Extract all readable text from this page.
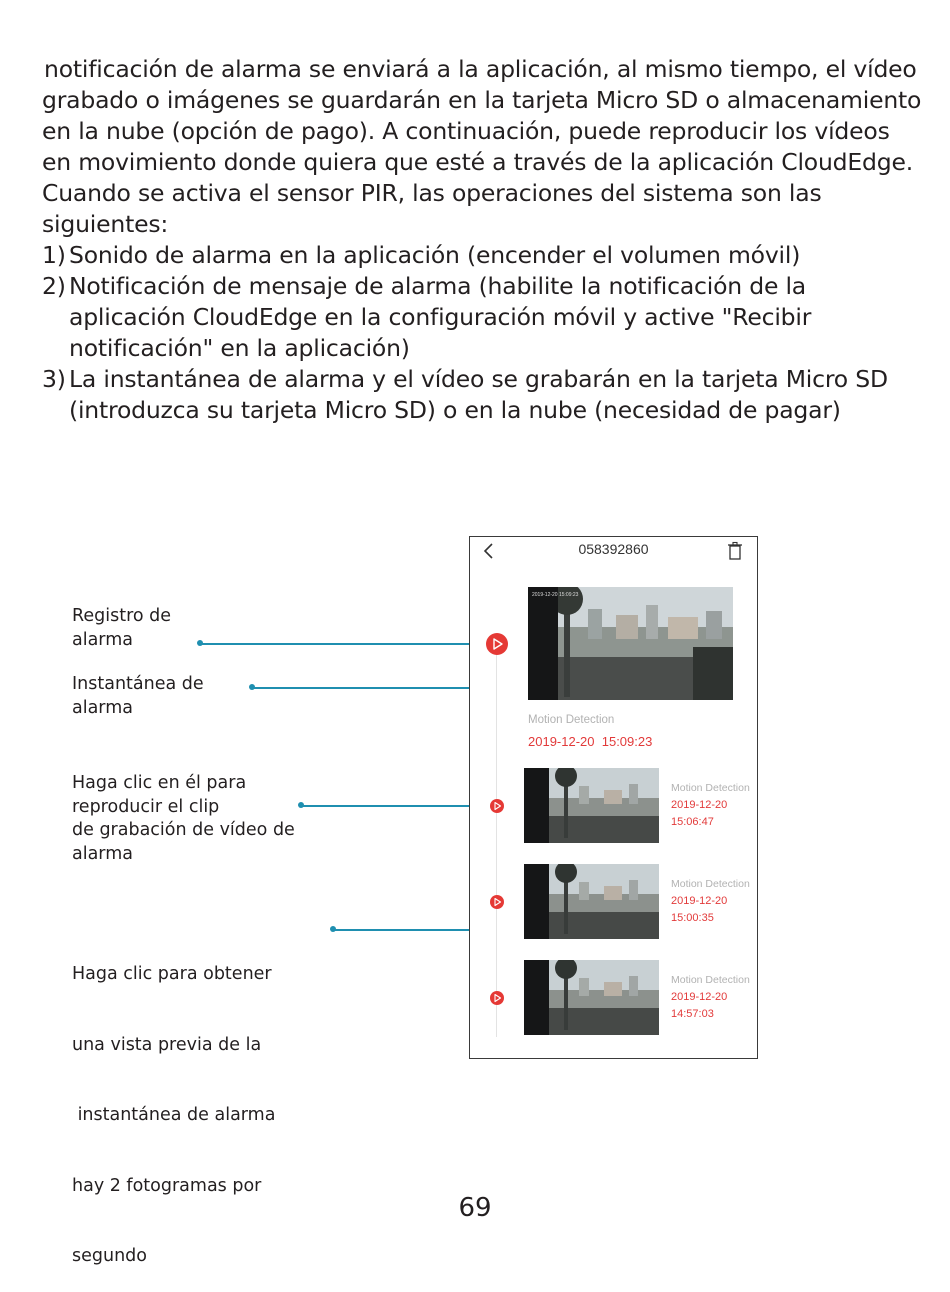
notificación de alarma se enviará a la aplicación, al mismo tiempo, el vídeo grabado o imágenes se guardarán en la tarjeta Micro SD o almacenamiento en la nube (opción de pago). A continuación, puede reproducir los vídeos en movimiento donde quiera que esté a través de la aplicación CloudEdge.

Cuando se activa el sensor PIR, las operaciones del sistema son las siguientes:

1) Sonido de alarma en la aplicación (encender el volumen móvil)
2) Notificación de mensaje de alarma (habilite la notificación de la aplicación CloudEdge en la configuración móvil y active "Recibir notificación" en la aplicación)
3) La instantánea de alarma y el vídeo se grabarán en la tarjeta Micro SD (introduzca su tarjeta Micro SD) o en la nube (necesidad de pagar)
Registro de
alarma
Instantánea de
alarma
Haga clic en él para
reproducir el clip
de grabación de vídeo de
alarma

Haga clic para obtener

una vista previa de la

instantánea de alarma

hay 2 fotogramas por

segundo

058392860
2019-12-20 15:09:23
Motion Detection
2019-12-20 15:09:23
Motion Detection
2019-12-20
15:06:47
Motion Detection
2019-12-20
15:00:35
Motion Detection
2019-12-20
14:57:03
69
